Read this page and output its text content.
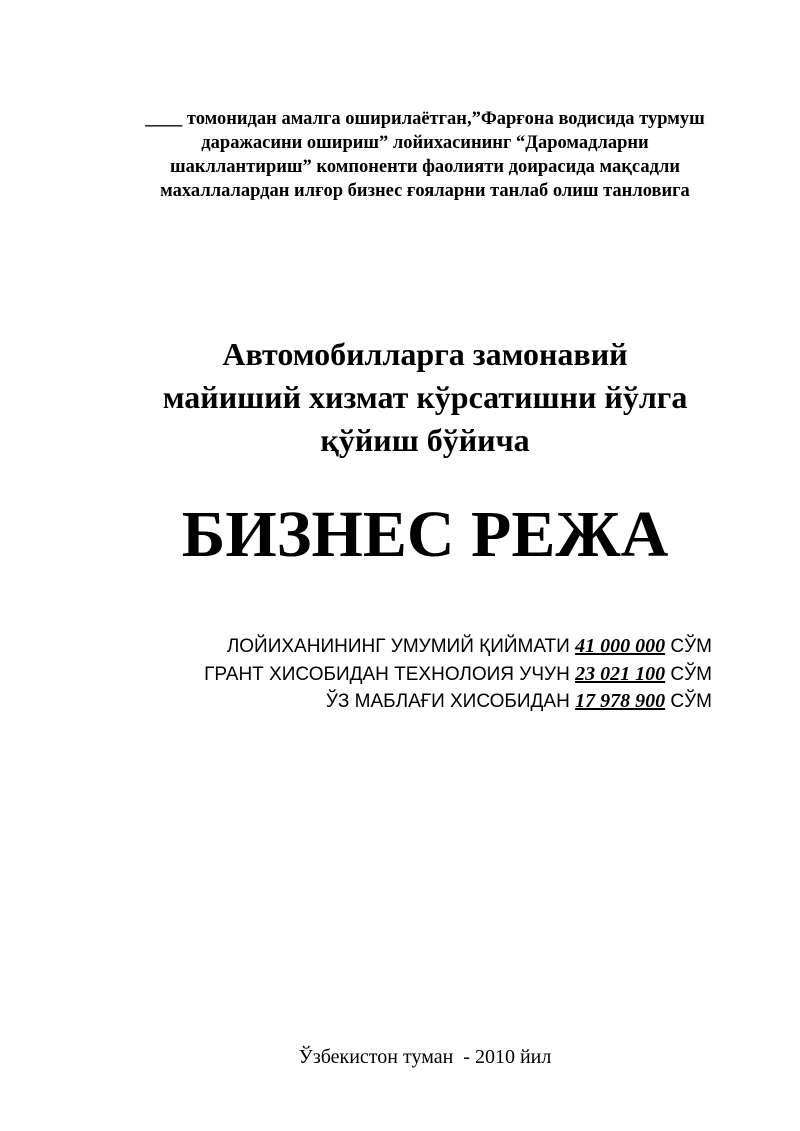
____ томонидан амалга оширилаётган,”Фарғона водисида турмуш
даражасини ошириш” лойихасининг “Даромадларни
шакллантириш” компоненти фаолияти доирасида мақсадли
махаллалардан илғор бизнес ғояларни танлаб олиш танловига
Автомобилларга замонавий
майиший хизмат кўрсатишни йўлга
қўйиш бўйича
БИЗНЕС РЕЖА
ЛОЙИХАНИНИНГ УМУМИЙ ҚИЙМАТИ 41 000 000 СЎМ
ГРАНТ ХИСОБИДАН ТЕХНОЛОИЯ УЧУН 23 021 100 СЎМ
ЎЗ МАБЛАҒИ ХИСОБИДАН 17 978 900 СЎМ
Ўзбекистон туман  - 2010 йил
